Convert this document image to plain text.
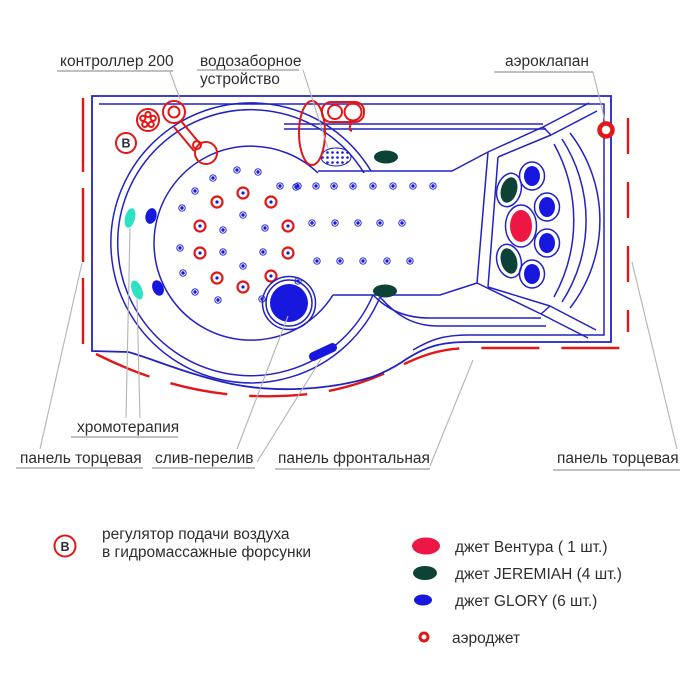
В
контроллер 200 водозаборное
устройство
аэроклапан
хромотерапия
панель торцевая слив-перелив панель фронтальная	панель торцевая
В
регулятор подачи воздуха
в гидромассажные форсунки	джет Вентура ( 1 шт.)
джет JEREMIAH (4 шт.)
джет GLORY (6 шт.)
аэроджет
